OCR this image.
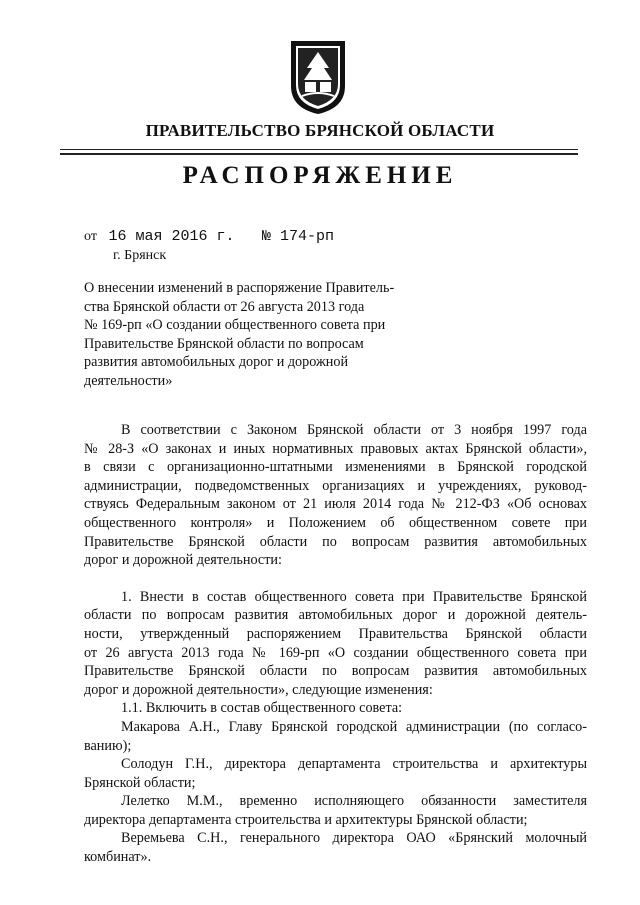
ПРАВИТЕЛЬСТВО БРЯНСКОЙ ОБЛАСТИ
РАСПОРЯЖЕНИЕ
от 16 мая 2016 г. № 174-рп
г. Брянск
О внесении изменений в распоряжение Правитель-
ства Брянской области от 26 августа 2013 года
№ 169-рп «О создании общественного совета при
Правительстве Брянской области по вопросам
развития автомобильных дорог и дорожной
деятельности»
В соответствии с Законом Брянской области от 3 ноября 1997 года
№ 28-З «О законах и иных нормативных правовых актах Брянской области»,
в связи с организационно-штатными изменениями в Брянской городской
администрации, подведомственных организациях и учреждениях, руковод-
ствуясь Федеральным законом от 21 июля 2014 года № 212-ФЗ «Об основах
общественного контроля» и Положением об общественном совете при
Правительстве Брянской области по вопросам развития автомобильных
дорог и дорожной деятельности:
1. Внести в состав общественного совета при Правительстве Брянской
области по вопросам развития автомобильных дорог и дорожной деятель-
ности, утвержденный распоряжением Правительства Брянской области
от 26 августа 2013 года № 169-рп «О создании общественного совета при
Правительстве Брянской области по вопросам развития автомобильных
дорог и дорожной деятельности», следующие изменения:
1.1. Включить в состав общественного совета:
Макарова А.Н., Главу Брянской городской администрации (по согласо-
ванию);
Солодун Г.Н., директора департамента строительства и архитектуры
Брянской области;
Лелетко М.М., временно исполняющего обязанности заместителя
директора департамента строительства и архитектуры Брянской области;
Веремьева С.Н., генерального директора ОАО «Брянский молочный
комбинат».
